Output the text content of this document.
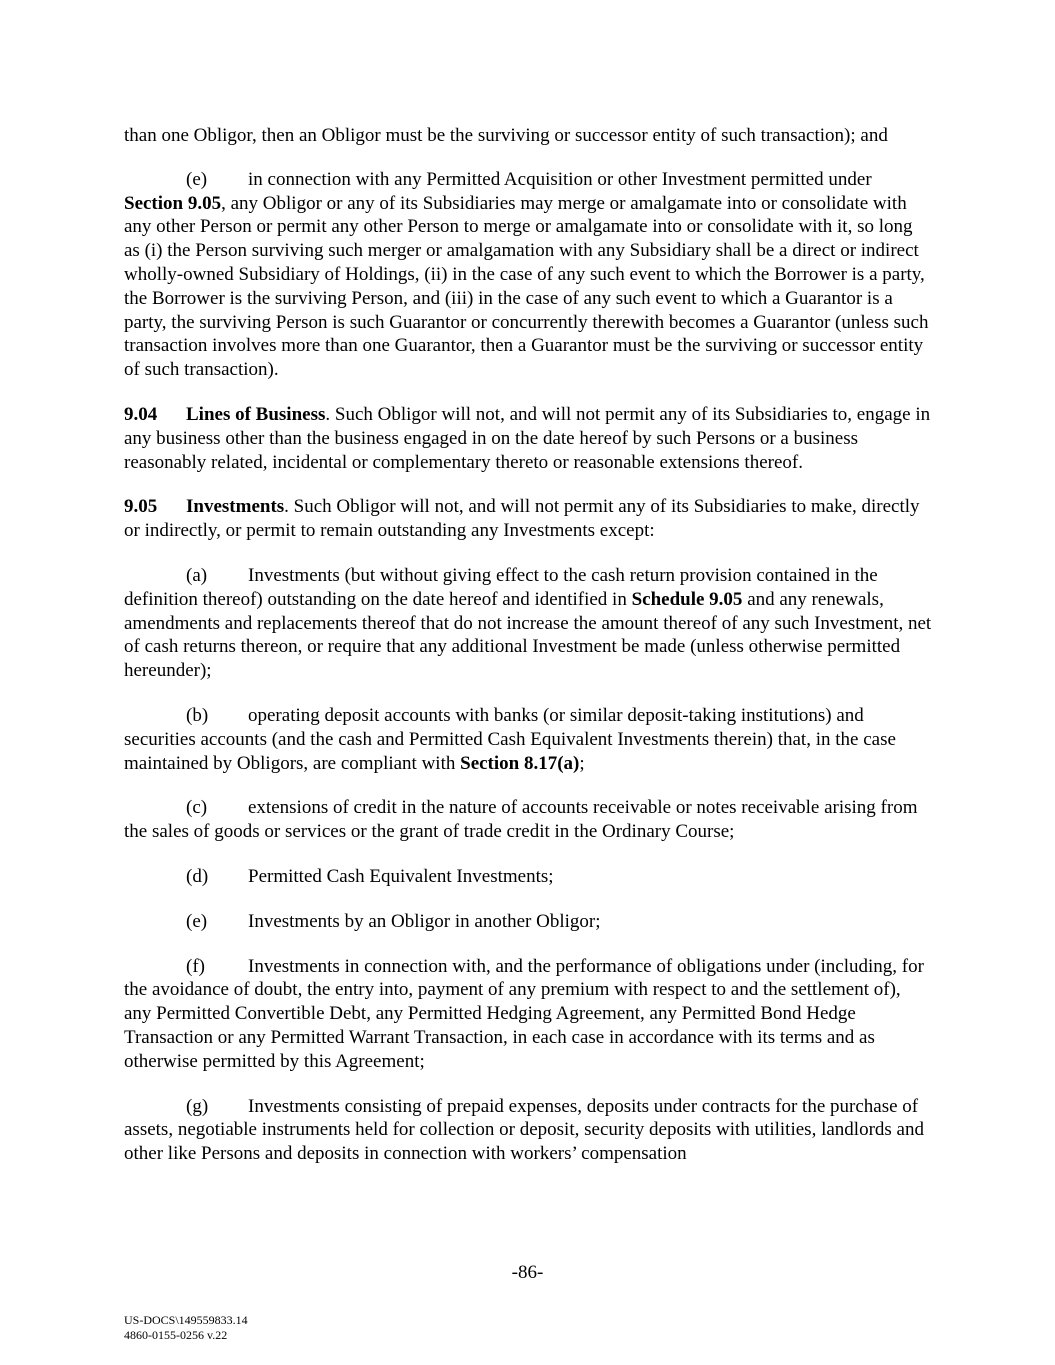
than one Obligor, then an Obligor must be the surviving or successor entity of such transaction); and

(e) in connection with any Permitted Acquisition or other Investment permitted under Section 9.05, any Obligor or any of its Subsidiaries may merge or amalgamate into or consolidate with any other Person or permit any other Person to merge or amalgamate into or consolidate with it, so long as (i) the Person surviving such merger or amalgamation with any Subsidiary shall be a direct or indirect wholly-owned Subsidiary of Holdings, (ii) in the case of any such event to which the Borrower is a party, the Borrower is the surviving Person, and (iii) in the case of any such event to which a Guarantor is a party, the surviving Person is such Guarantor or concurrently therewith becomes a Guarantor (unless such transaction involves more than one Guarantor, then a Guarantor must be the surviving or successor entity of such transaction).

9.04 Lines of Business. Such Obligor will not, and will not permit any of its Subsidiaries to, engage in any business other than the business engaged in on the date hereof by such Persons or a business reasonably related, incidental or complementary thereto or reasonable extensions thereof.

9.05 Investments. Such Obligor will not, and will not permit any of its Subsidiaries to make, directly or indirectly, or permit to remain outstanding any Investments except:

(a) Investments (but without giving effect to the cash return provision contained in the definition thereof) outstanding on the date hereof and identified in Schedule 9.05 and any renewals, amendments and replacements thereof that do not increase the amount thereof of any such Investment, net of cash returns thereon, or require that any additional Investment be made (unless otherwise permitted hereunder);

(b) operating deposit accounts with banks (or similar deposit-taking institutions) and securities accounts (and the cash and Permitted Cash Equivalent Investments therein) that, in the case maintained by Obligors, are compliant with Section 8.17(a);

(c) extensions of credit in the nature of accounts receivable or notes receivable arising from the sales of goods or services or the grant of trade credit in the Ordinary Course;

(d) Permitted Cash Equivalent Investments;

(e) Investments by an Obligor in another Obligor;

(f) Investments in connection with, and the performance of obligations under (including, for the avoidance of doubt, the entry into, payment of any premium with respect to and the settlement of), any Permitted Convertible Debt, any Permitted Hedging Agreement, any Permitted Bond Hedge Transaction or any Permitted Warrant Transaction, in each case in accordance with its terms and as otherwise permitted by this Agreement;

(g) Investments consisting of prepaid expenses, deposits under contracts for the purchase of assets, negotiable instruments held for collection or deposit, security deposits with utilities, landlords and other like Persons and deposits in connection with workers’ compensation

-86-
US-DOCS\149559833.14
4860-0155-0256 v.22
